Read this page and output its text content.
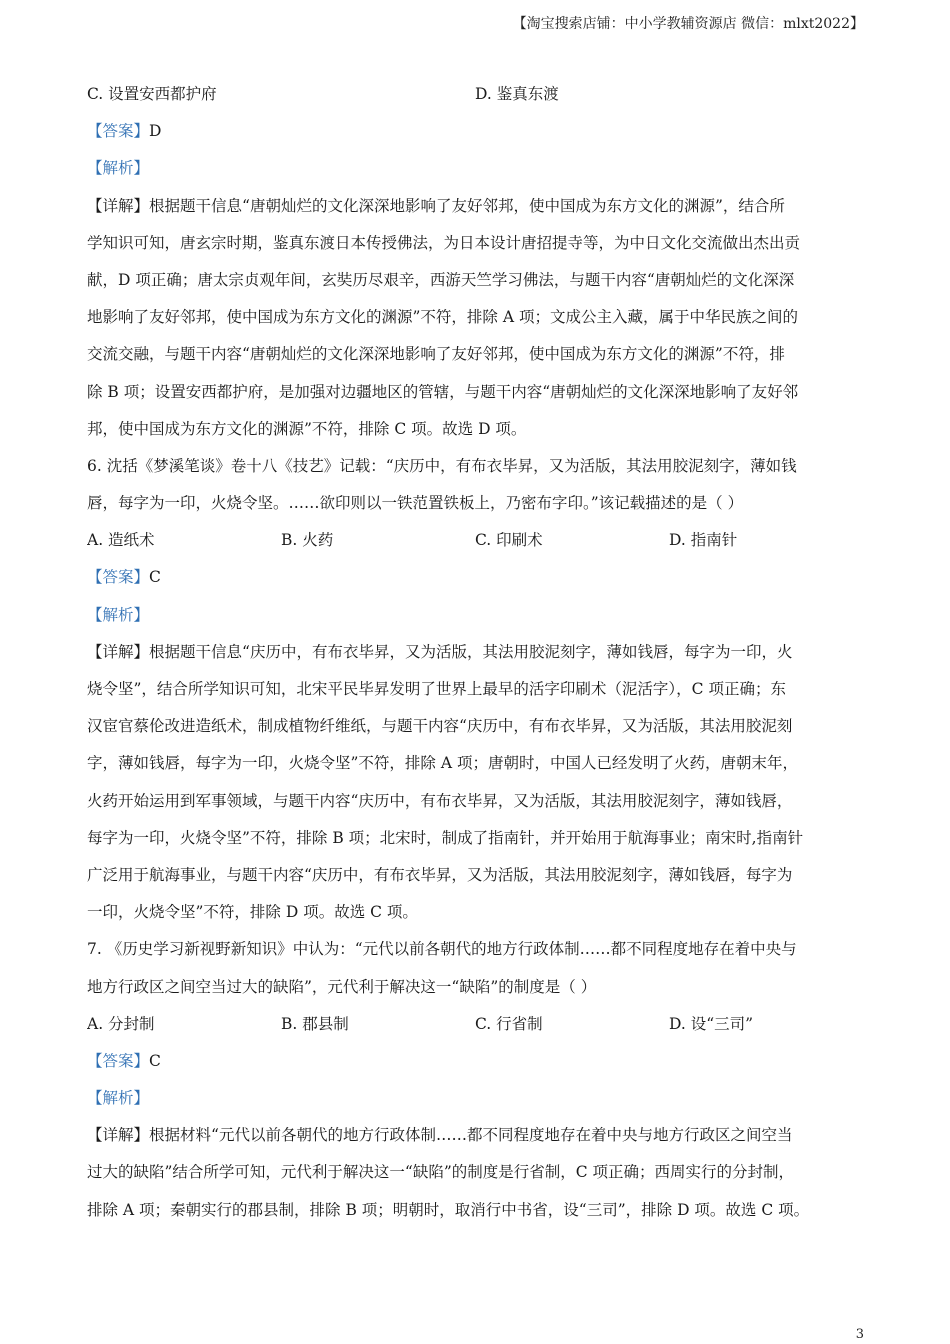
【淘宝搜索店铺：中小学教辅资源店 微信：mlxt2022】
C. 设置安西都护府	D. 鉴真东渡
【答案】D
【解析】
【详解】根据题干信息“唐朝灿烂的文化深深地影响了友好邻邦，使中国成为东方文化的渊源”，结合所
学知识可知，唐玄宗时期，鉴真东渡日本传授佛法，为日本设计唐招提寺等，为中日文化交流做出杰出贡
献，D 项正确；唐太宗贞观年间，玄奘历尽艰辛，西游天竺学习佛法，与题干内容“唐朝灿烂的文化深深
地影响了友好邻邦，使中国成为东方文化的渊源”不符，排除 A 项；文成公主入藏，属于中华民族之间的
交流交融，与题干内容“唐朝灿烂的文化深深地影响了友好邻邦，使中国成为东方文化的渊源”不符，排
除 B 项；设置安西都护府，是加强对边疆地区的管辖，与题干内容“唐朝灿烂的文化深深地影响了友好邻
邦，使中国成为东方文化的渊源”不符，排除 C 项。故选 D 项。
6. 沈括《梦溪笔谈》卷十八《技艺》记载：“庆历中，有布衣毕昇，又为活版，其法用胶泥刻字，薄如钱
唇，每字为一印，火烧令坚。……欲印则以一铁范置铁板上，乃密布字印。”该记载描述的是（ ）
A. 造纸术	B. 火药	C. 印刷术	D. 指南针
【答案】C
【解析】
【详解】根据题干信息“庆历中，有布衣毕昇，又为活版，其法用胶泥刻字，薄如钱唇，每字为一印，火
烧令坚”，结合所学知识可知，北宋平民毕昇发明了世界上最早的活字印刷术（泥活字），C 项正确；东
汉宦官蔡伦改进造纸术，制成植物纤维纸，与题干内容“庆历中，有布衣毕昇，又为活版，其法用胶泥刻
字，薄如钱唇，每字为一印，火烧令坚”不符，排除 A 项；唐朝时，中国人已经发明了火药，唐朝末年，
火药开始运用到军事领域，与题干内容“庆历中，有布衣毕昇，又为活版，其法用胶泥刻字，薄如钱唇，
每字为一印，火烧令坚”不符，排除 B 项；北宋时，制成了指南针，并开始用于航海事业；南宋时,指南针
广泛用于航海事业，与题干内容“庆历中，有布衣毕昇，又为活版，其法用胶泥刻字，薄如钱唇，每字为
一印，火烧令坚”不符，排除 D 项。故选 C 项。
7. 《历史学习新视野新知识》中认为：“元代以前各朝代的地方行政体制……都不同程度地存在着中央与
地方行政区之间空当过大的缺陷”，元代利于解决这一“缺陷”的制度是（ ）
A. 分封制	B. 郡县制	C. 行省制	D. 设“三司”
【答案】C
【解析】
【详解】根据材料“元代以前各朝代的地方行政体制……都不同程度地存在着中央与地方行政区之间空当
过大的缺陷”结合所学可知，元代利于解决这一“缺陷”的制度是行省制，C 项正确；西周实行的分封制，
排除 A 项；秦朝实行的郡县制，排除 B 项；明朝时，取消行中书省，设“三司”，排除 D 项。故选 C 项。
3
